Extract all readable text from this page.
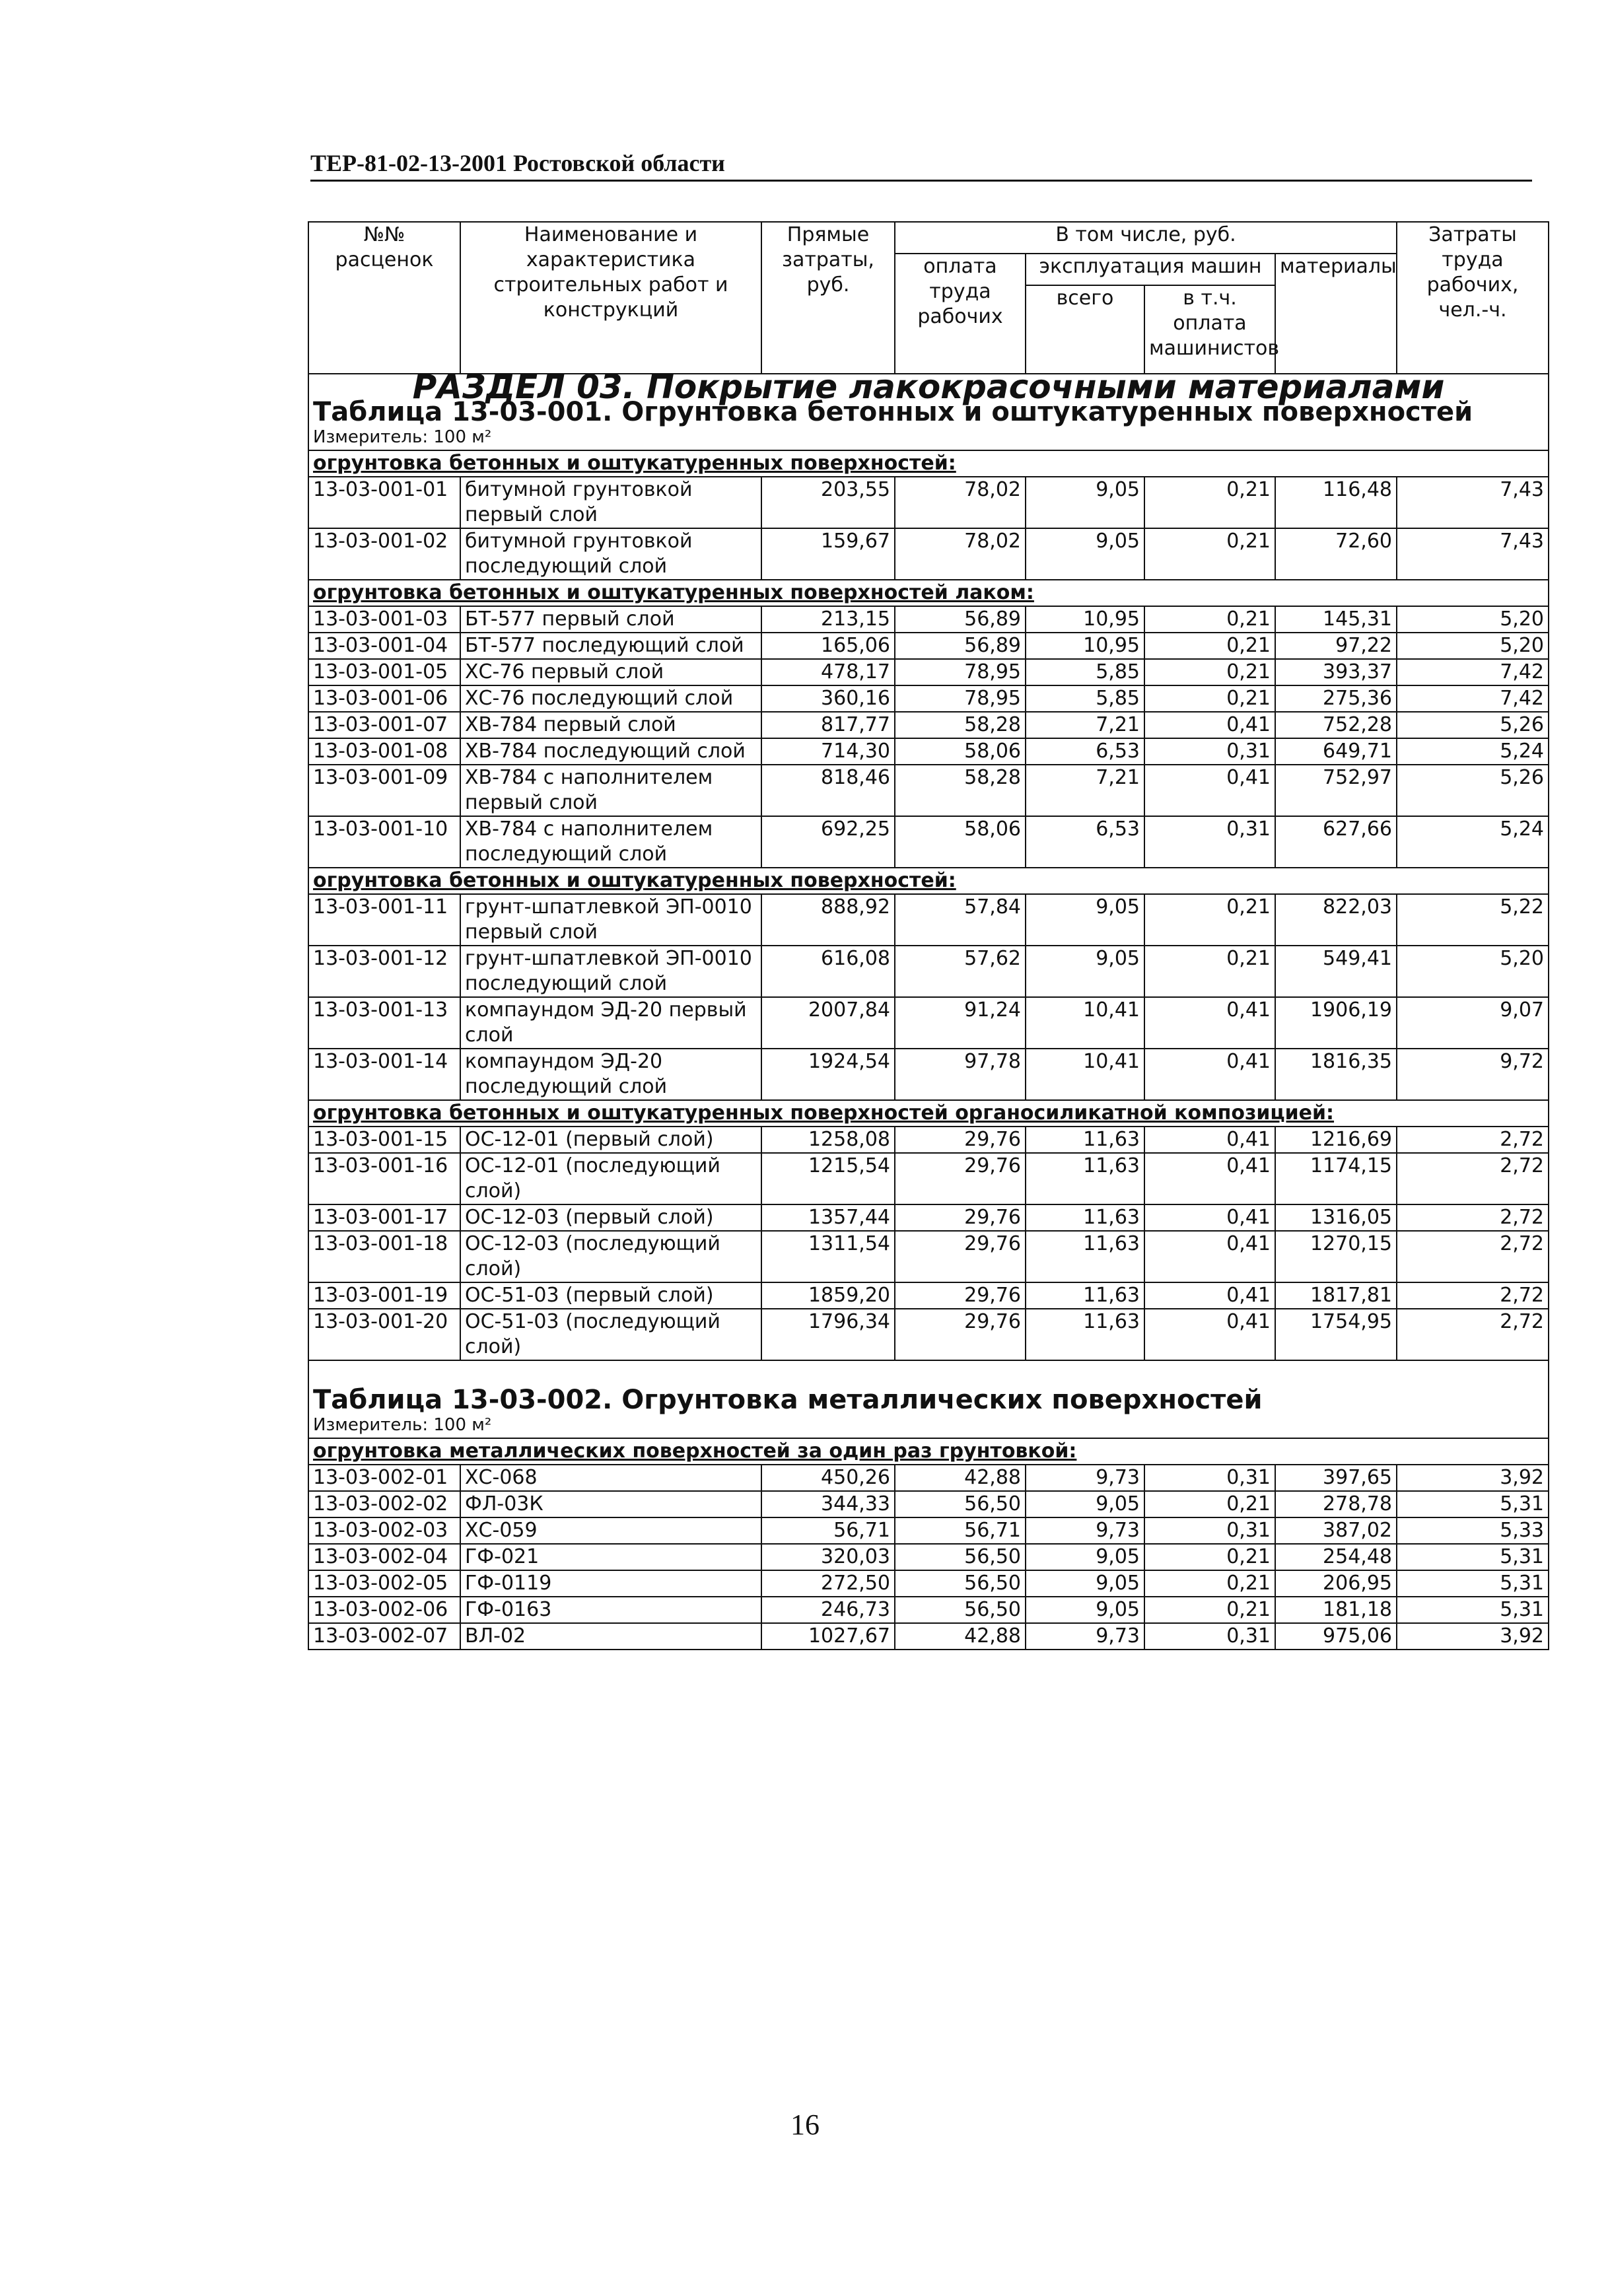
ТЕР-81-02-13-2001 Ростовской области
№№ расценок	Наименование и характеристика строительных работ и конструкций	Прямые затраты, руб.	В том числе, руб.				Затраты труда рабочих, чел.-ч.
			оплата труда рабочих	эксплуатация машин		материалы	
				всего	в т.ч. оплата машинистов		
РАЗДЕЛ 03. Покрытие лакокрасочными материалами							
Таблица 13-03-001. Огрунтовка бетонных и оштукатуренных поверхностей							
Измеритель: 100 м²							
огрунтовка бетонных и оштукатуренных поверхностей:							
13-03-001-01	битумной грунтовкой первый слой	203,55	78,02	9,05	0,21	116,48	7,43
13-03-001-02	битумной грунтовкой последующий слой	159,67	78,02	9,05	0,21	72,60	7,43
огрунтовка бетонных и оштукатуренных поверхностей лаком:							
13-03-001-03	БТ-577 первый слой	213,15	56,89	10,95	0,21	145,31	5,20
13-03-001-04	БТ-577 последующий слой	165,06	56,89	10,95	0,21	97,22	5,20
13-03-001-05	ХС-76 первый слой	478,17	78,95	5,85	0,21	393,37	7,42
13-03-001-06	ХС-76 последующий слой	360,16	78,95	5,85	0,21	275,36	7,42
13-03-001-07	ХВ-784 первый слой	817,77	58,28	7,21	0,41	752,28	5,26
13-03-001-08	ХВ-784 последующий слой	714,30	58,06	6,53	0,31	649,71	5,24
13-03-001-09	ХВ-784 с наполнителем первый слой	818,46	58,28	7,21	0,41	752,97	5,26
13-03-001-10	ХВ-784 с наполнителем последующий слой	692,25	58,06	6,53	0,31	627,66	5,24
огрунтовка бетонных и оштукатуренных поверхностей:							
13-03-001-11	грунт-шпатлевкой ЭП-0010 первый слой	888,92	57,84	9,05	0,21	822,03	5,22
13-03-001-12	грунт-шпатлевкой ЭП-0010 последующий слой	616,08	57,62	9,05	0,21	549,41	5,20
13-03-001-13	компаундом ЭД-20 первый слой	2007,84	91,24	10,41	0,41	1906,19	9,07
13-03-001-14	компаундом ЭД-20 последующий слой	1924,54	97,78	10,41	0,41	1816,35	9,72
огрунтовка бетонных и оштукатуренных поверхностей органосиликатной композицией:							
13-03-001-15	ОС-12-01 (первый слой)	1258,08	29,76	11,63	0,41	1216,69	2,72
13-03-001-16	ОС-12-01 (последующий слой)	1215,54	29,76	11,63	0,41	1174,15	2,72
13-03-001-17	ОС-12-03 (первый слой)	1357,44	29,76	11,63	0,41	1316,05	2,72
13-03-001-18	ОС-12-03 (последующий слой)	1311,54	29,76	11,63	0,41	1270,15	2,72
13-03-001-19	ОС-51-03 (первый слой)	1859,20	29,76	11,63	0,41	1817,81	2,72
13-03-001-20	ОС-51-03 (последующий слой)	1796,34	29,76	11,63	0,41	1754,95	2,72

Таблица 13-03-002. Огрунтовка металлических поверхностей							
Измеритель: 100 м²							
огрунтовка металлических поверхностей за один раз грунтовкой:							
13-03-002-01	ХС-068	450,26	42,88	9,73	0,31	397,65	3,92
13-03-002-02	ФЛ-03К	344,33	56,50	9,05	0,21	278,78	5,31
13-03-002-03	ХС-059	56,71	56,71	9,73	0,31	387,02	5,33
13-03-002-04	ГФ-021	320,03	56,50	9,05	0,21	254,48	5,31
13-03-002-05	ГФ-0119	272,50	56,50	9,05	0,21	206,95	5,31
13-03-002-06	ГФ-0163	246,73	56,50	9,05	0,21	181,18	5,31
13-03-002-07	ВЛ-02	1027,67	42,88	9,73	0,31	975,06	3,92

16
